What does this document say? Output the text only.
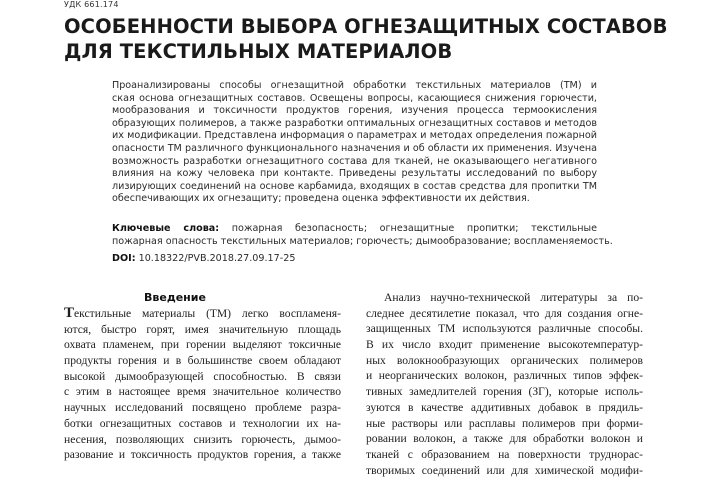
УДК 661.174
ОСОБЕННОСТИ ВЫБОРА ОГНЕЗАЩИТНЫХ СОСТАВОВ
ДЛЯ ТЕКСТИЛЬНЫХ МАТЕРИАЛОВ
Проанализированы способы огнезащитной обработки текстильных материалов (ТМ) и
ская основа огнезащитных составов. Освещены вопросы, касающиеся снижения горючести,
мообразования и токсичности продуктов горения, изучения процесса термоокисления
образующих полимеров, а также разработки оптимальных огнезащитных составов и методов
их модификации. Представлена информация о параметрах и методах определения пожарной
опасности ТМ различного функционального назначения и об области их применения. Изучена
возможность разработки огнезащитного состава для тканей, не оказывающего негативного
влияния на кожу человека при контакте. Приведены результаты исследований по выбору
лизирующих соединений на основе карбамида, входящих в состав средства для пропитки ТМ
обеспечивающих их огнезащиту; проведена оценка эффективности их действия.
Ключевые слова: пожарная безопасность; огнезащитные пропитки; текстильные
пожарная опасность текстильных материалов; горючесть; дымообразование; воспламеняемость.
DOI: 10.18322/PVB.2018.27.09.17-25
Введение
Текстильные материалы (ТМ) легко воспламеня-
ются, быстро горят, имея значительную площадь
охвата пламенем, при горении выделяют токсичные
продукты горения и в большинстве своем обладают
высокой дымообразующей способностью. В связи
с этим в настоящее время значительное количество
научных исследований посвящено проблеме разра-
ботки огнезащитных составов и технологии их на-
несения, позволяющих снизить горючесть, дымоо-
разование и токсичность продуктов горения, а также
Анализ научно-технической литературы за по-
следнее десятилетие показал, что для создания огне-
защищенных ТМ используются различные способы.
В их число входит применение высокотемператур-
ных волокнообразующих органических полимеров
и неорганических волокон, различных типов эффек-
тивных замедлителей горения (ЗГ), которые исполь-
зуются в качестве аддитивных добавок в прядиль-
ные растворы или расплавы полимеров при форми-
ровании волокон, а также для обработки волокон и
тканей с образованием на поверхности труднорас-
творимых соединений или для химической модифи-
